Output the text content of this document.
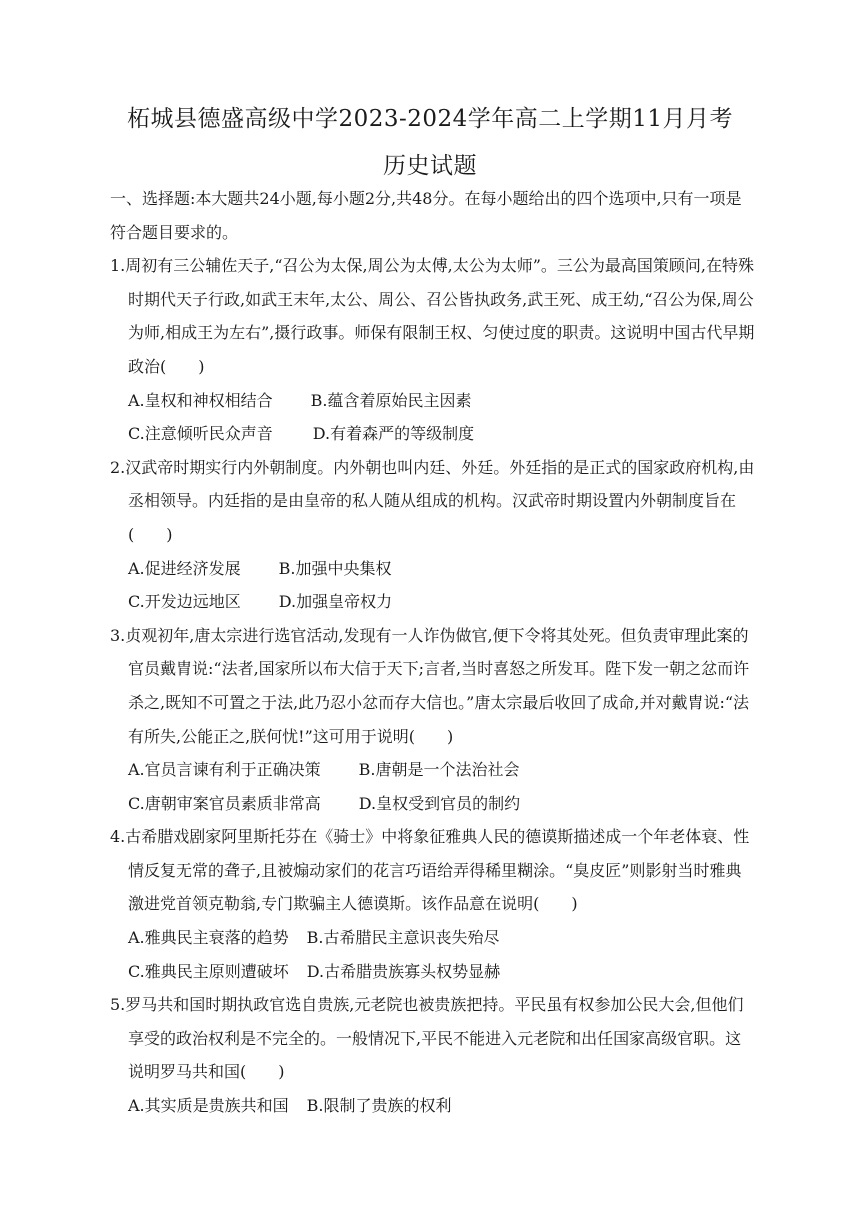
柘城县德盛高级中学2023-2024学年高二上学期11月月考
历史试题

一、选择题:本大题共24小题,每小题2分,共48分。在每小题给出的四个选项中,只有一项是符合题目要求的。

1.周初有三公辅佐天子,“召公为太保,周公为太傅,太公为太师”。三公为最高国策顾问,在特殊时期代天子行政,如武王末年,太公、周公、召公皆执政务,武王死、成王幼,“召公为保,周公为师,相成王为左右”,摄行政事。师保有限制王权、匀使过度的职责。这说明中国古代早期政治(　　)

A.皇权和神权相结合 B.蕴含着原始民主因素

C.注意倾听民众声音	D.有着森严的等级制度

2.汉武帝时期实行内外朝制度。内外朝也叫内廷、外廷。外廷指的是正式的国家政府机构,由丞相领导。内廷指的是由皇帝的私人随从组成的机构。汉武帝时期设置内外朝制度旨在(　　)

A.促进经济发展 B.加强中央集权

C.开发边远地区 D.加强皇帝权力

3.贞观初年,唐太宗进行选官活动,发现有一人诈伪做官,便下令将其处死。但负责审理此案的官员戴胄说:“法者,国家所以布大信于天下;言者,当时喜怒之所发耳。陛下发一朝之忿而许杀之,既知不可置之于法,此乃忍小忿而存大信也。”唐太宗最后收回了成命,并对戴胄说:“法有所失,公能正之,朕何忧!”这可用于说明(　　)

A.官员言谏有利于正确决策 B.唐朝是一个法治社会

C.唐朝审案官员素质非常高 D.皇权受到官员的制约

4.古希腊戏剧家阿里斯托芬在《骑士》中将象征雅典人民的德谟斯描述成一个年老体衰、性情反复无常的聋子,且被煽动家们的花言巧语给弄得稀里糊涂。“臭皮匠”则影射当时雅典激进党首领克勒翁,专门欺骗主人德谟斯。该作品意在说明(　　)

A.雅典民主衰落的趋势 B.古希腊民主意识丧失殆尽

C.雅典民主原则遭破坏 D.古希腊贵族寡头权势显赫

5.罗马共和国时期执政官选自贵族,元老院也被贵族把持。平民虽有权参加公民大会,但他们享受的政治权利是不完全的。一般情况下,平民不能进入元老院和出任国家高级官职。这说明罗马共和国(　　)

A.其实质是贵族共和国 B.限制了贵族的权利
